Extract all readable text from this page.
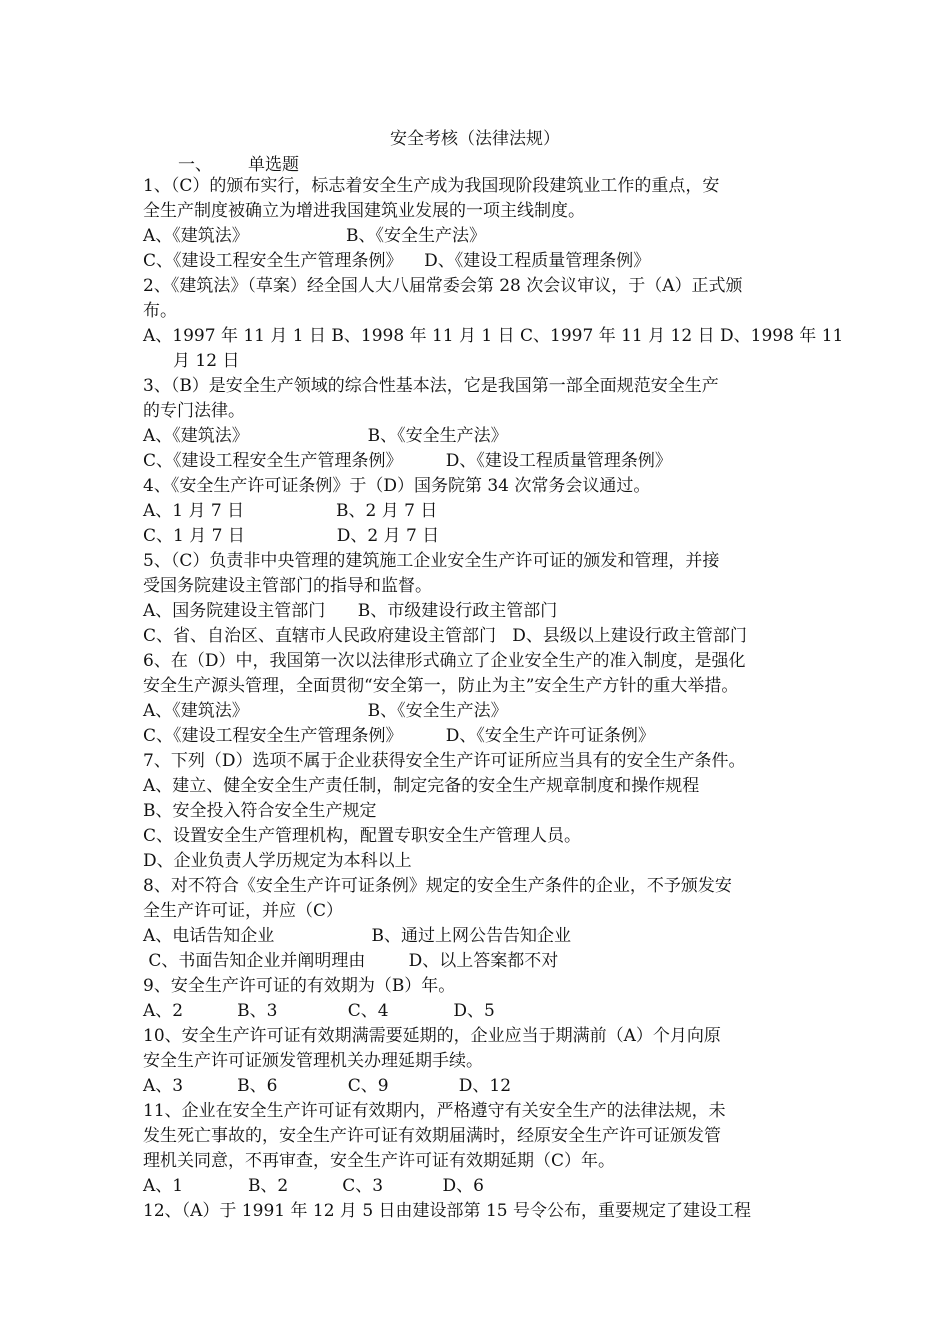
安全考核（法律法规）
一、 单选题
1、（C）的颁布实行，标志着安全生产成为我国现阶段建筑业工作的重点，安
全生产制度被确立为增进我国建筑业发展的一项主线制度。
A、《建筑法》                  B、《安全生产法》
C、《建设工程安全生产管理条例》    D、《建设工程质量管理条例》
2、《建筑法》（草案）经全国人大八届常委会第 28 次会议审议，于（A）正式颁
布。
A、1997 年 11 月 1 日 B、1998 年 11 月 1 日 C、1997 年 11 月 12 日 D、1998 年 11
月 12 日
3、（B）是安全生产领域的综合性基本法，它是我国第一部全面规范安全生产
的专门法律。
A、《建筑法》                      B、《安全生产法》
C、《建设工程安全生产管理条例》        D、《建设工程质量管理条例》
4、《安全生产许可证条例》于（D）国务院第 34 次常务会议通过。
A、1 月 7 日                 B、2 月 7 日
C、1 月 7 日                 D、2 月 7 日
5、（C）负责非中央管理的建筑施工企业安全生产许可证的颁发和管理，并接
受国务院建设主管部门的指导和监督。
A、国务院建设主管部门      B、市级建设行政主管部门
C、省、自治区、直辖市人民政府建设主管部门   D、县级以上建设行政主管部门
6、在（D）中，我国第一次以法律形式确立了企业安全生产的准入制度，是强化
安全生产源头管理，全面贯彻“安全第一，防止为主”安全生产方针的重大举措。
A、《建筑法》                      B、《安全生产法》
C、《建设工程安全生产管理条例》        D、《安全生产许可证条例》
7、下列（D）选项不属于企业获得安全生产许可证所应当具有的安全生产条件。
A、建立、健全安全生产责任制，制定完备的安全生产规章制度和操作规程
B、安全投入符合安全生产规定
C、设置安全生产管理机构，配置专职安全生产管理人员。
D、企业负责人学历规定为本科以上
8、对不符合《安全生产许可证条例》规定的安全生产条件的企业，不予颁发安
全生产许可证，并应（C）
A、电话告知企业                  B、通过上网公告告知企业
C、书面告知企业并阐明理由        D、以上答案都不对
9、安全生产许可证的有效期为（B）年。
A、2          B、3             C、4            D、5
10、安全生产许可证有效期满需要延期的，企业应当于期满前（A）个月向原
安全生产许可证颁发管理机关办理延期手续。
A、3          B、6             C、9             D、12
11、企业在安全生产许可证有效期内，严格遵守有关安全生产的法律法规，未
发生死亡事故的，安全生产许可证有效期届满时，经原安全生产许可证颁发管
理机关同意，不再审查，安全生产许可证有效期延期（C）年。
A、1            B、2          C、3           D、6
12、（A）于 1991 年 12 月 5 日由建设部第 15 号令公布，重要规定了建设工程
